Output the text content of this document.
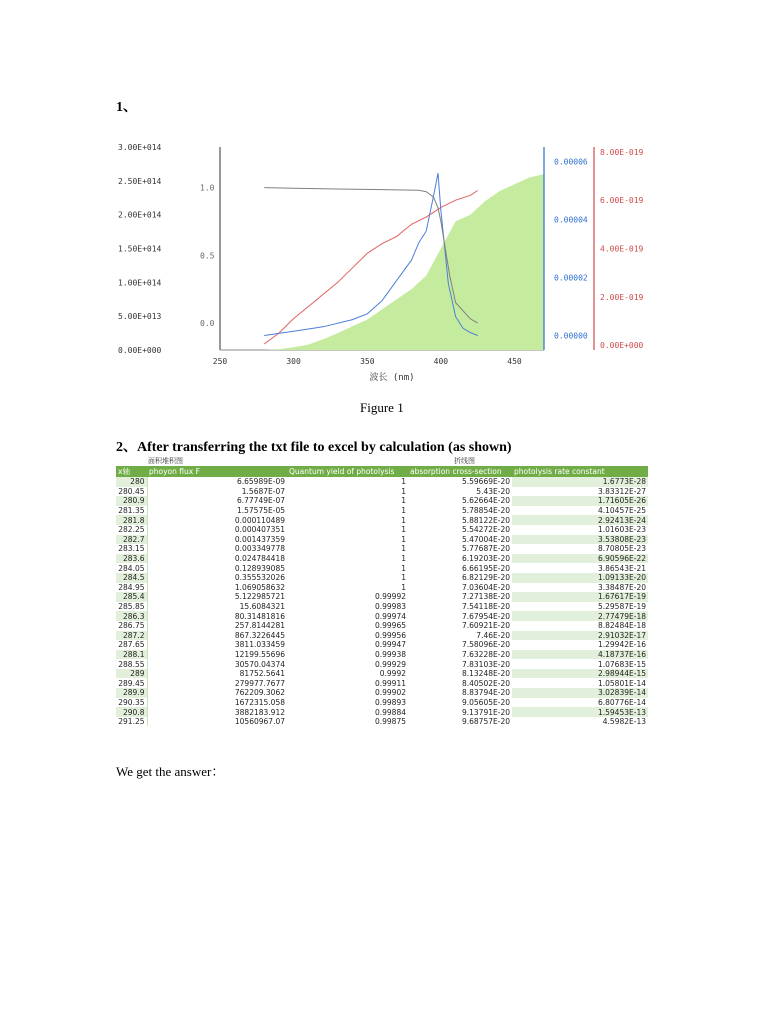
1、
0.00E+000
5.00E+013
1.00E+014
1.50E+014
2.00E+014
2.50E+014
3.00E+014
0.0
0.5
1.0
0.00000
0.00002
0.00004
0.00006
0.00E+000
2.00E-019
4.00E-019
6.00E-019
8.00E-019
250	300	350	400	450
波长 (nm)
Figure 1
2、After transferring the txt file to excel by calculation (as shown)
面积堆积图	折线图
x轴	phoyon flux F	Quantum yield of photolysis	absorption cross-section	photolysis rate constant
280	6.65989E-09	1	5.59669E-20	1.6773E-28
280.45	1.5687E-07	1	5.43E-20	3.83312E-27
280.9	6.77749E-07	1	5.62664E-20	1.71605E-26
281.35	1.57575E-05	1	5.78854E-20	4.10457E-25
281.8	0.000110489	1	5.88122E-20	2.92413E-24
282.25	0.000407351	1	5.54272E-20	1.01603E-23
282.7	0.001437359	1	5.47004E-20	3.53808E-23
283.15	0.003349778	1	5.77687E-20	8.70805E-23
283.6	0.024784418	1	6.19203E-20	6.90596E-22
284.05	0.128939085	1	6.66195E-20	3.86543E-21
284.5	0.355532026	1	6.82129E-20	1.09133E-20
284.95	1.069058632	1	7.03604E-20	3.38487E-20
285.4	5.122985721	0.99992	7.27138E-20	1.67617E-19
285.85	15.6084321	0.99983	7.54118E-20	5.29587E-19
286.3	80.31481816	0.99974	7.67954E-20	2.77479E-18
286.75	257.8144281	0.99965	7.60921E-20	8.82484E-18
287.2	867.3226445	0.99956	7.46E-20	2.91032E-17
287.65	3811.033459	0.99947	7.58096E-20	1.29942E-16
288.1	12199.55696	0.99938	7.63228E-20	4.18737E-16
288.55	30570.04374	0.99929	7.83103E-20	1.07683E-15
289	81752.5641	0.9992	8.13248E-20	2.98944E-15
289.45	279977.7677	0.99911	8.40502E-20	1.05801E-14
289.9	762209.3062	0.99902	8.83794E-20	3.02839E-14
290.35	1672315.058	0.99893	9.05605E-20	6.80776E-14
290.8	3882183.912	0.99884	9.13791E-20	1.59453E-13
291.25	10560967.07	0.99875	9.68757E-20	4.5982E-13
We get the answer：
